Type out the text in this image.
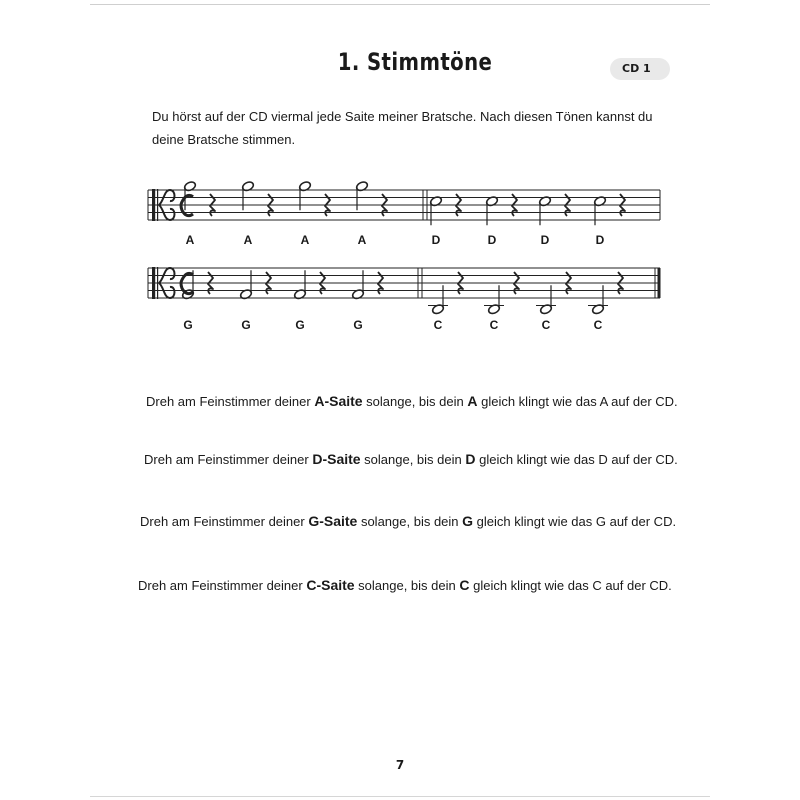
1. Stimmtöne	CD 1
Du hörst auf der CD viermal jede Saite meiner Bratsche. Nach diesen Tönen kannst du deine Bratsche stimmen.
A	A	A	A	D	D	D	D
G	G	G	G	C	C	C	C
Dreh am Feinstimmer deiner A-Saite solange, bis dein A gleich klingt wie das A auf der CD.
Dreh am Feinstimmer deiner D-Saite solange, bis dein D gleich klingt wie das D auf der CD.
Dreh am Feinstimmer deiner G-Saite solange, bis dein G gleich klingt wie das G auf der CD.
Dreh am Feinstimmer deiner C-Saite solange, bis dein C gleich klingt wie das C auf der CD.
7
